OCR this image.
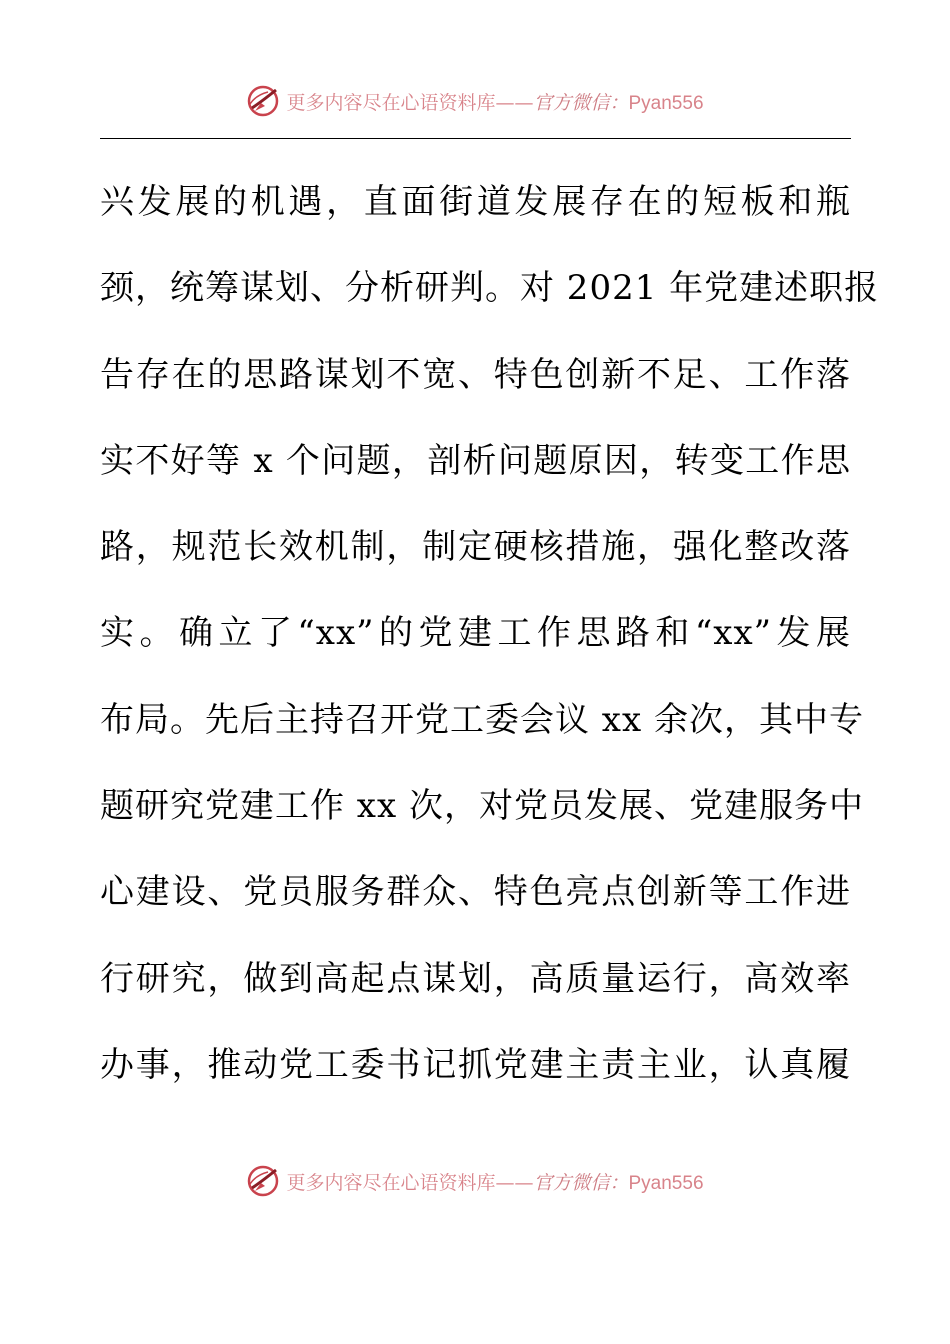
更多内容尽在心语资料库——官方微信：Pyan556
兴发展的机遇，直面街道发展存在的短板和瓶
颈，统筹谋划、分析研判。对 2021 年党建述职报
告存在的思路谋划不宽、特色创新不足、工作落
实不好等 x 个问题，剖析问题原因，转变工作思
路，规范长效机制，制定硬核措施，强化整改落
实。确立了“xx”的党建工作思路和“xx”发展
布局。先后主持召开党工委会议 xx 余次，其中专
题研究党建工作 xx 次，对党员发展、党建服务中
心建设、党员服务群众、特色亮点创新等工作进
行研究，做到高起点谋划，高质量运行，高效率
办事，推动党工委书记抓党建主责主业，认真履
更多内容尽在心语资料库——官方微信：Pyan556
